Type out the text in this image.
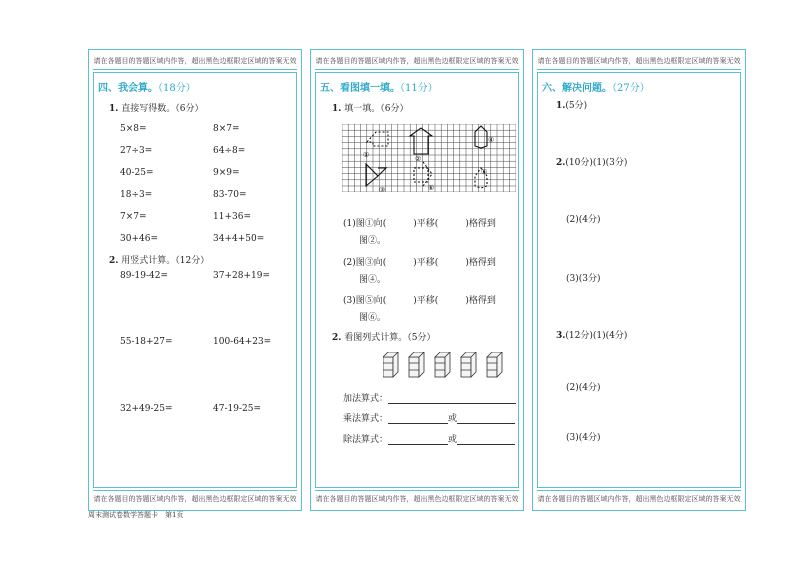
请在各题目的答题区域内作答，超出黑色边框限定区域的答案无效
请在各题目的答题区域内作答，超出黑色边框限定区域的答案无效
请在各题目的答题区域内作答，超出黑色边框限定区域的答案无效
请在各题目的答题区域内作答，超出黑色边框限定区域的答案无效
请在各题目的答题区域内作答，超出黑色边框限定区域的答案无效
请在各题目的答题区域内作答，超出黑色边框限定区域的答案无效
四、我会算。（18分）
1. 直接写得数。（6分）
5×8=	8×7=
27÷3=	64÷8=
40-25=	9×9=
18÷3=	83-70=
7×7=	11+36=
30+46=	34+4+50=
2. 用竖式计算。（12分）
89-19-42=	37+28+19=
55-18+27=	100-64+23=
32+49-25=	47-19-25=
五、看图填一填。（11分）
1. 填一填。（6分）
①	②
③
④
⑤
⑥
(1)图①向(　　　	)平移(　　　	)格得到
图②。
(2)图③向(　　　	)平移(　　　	)格得到
图④。
(3)图⑤向(　　　	)平移(　　　	)格得到
图⑥。
2. 看图列式计算。（5分）
加法算式：
乘法算式：	或
除法算式：	或
六、解决问题。（27分）
1.(5分)
2.(10分)(1)(3分)
(2)(4分)
(3)(3分)
3.(12分)(1)(4分)
(2)(4分)
(3)(4分)
周末测试卷数学答题卡　第1页
